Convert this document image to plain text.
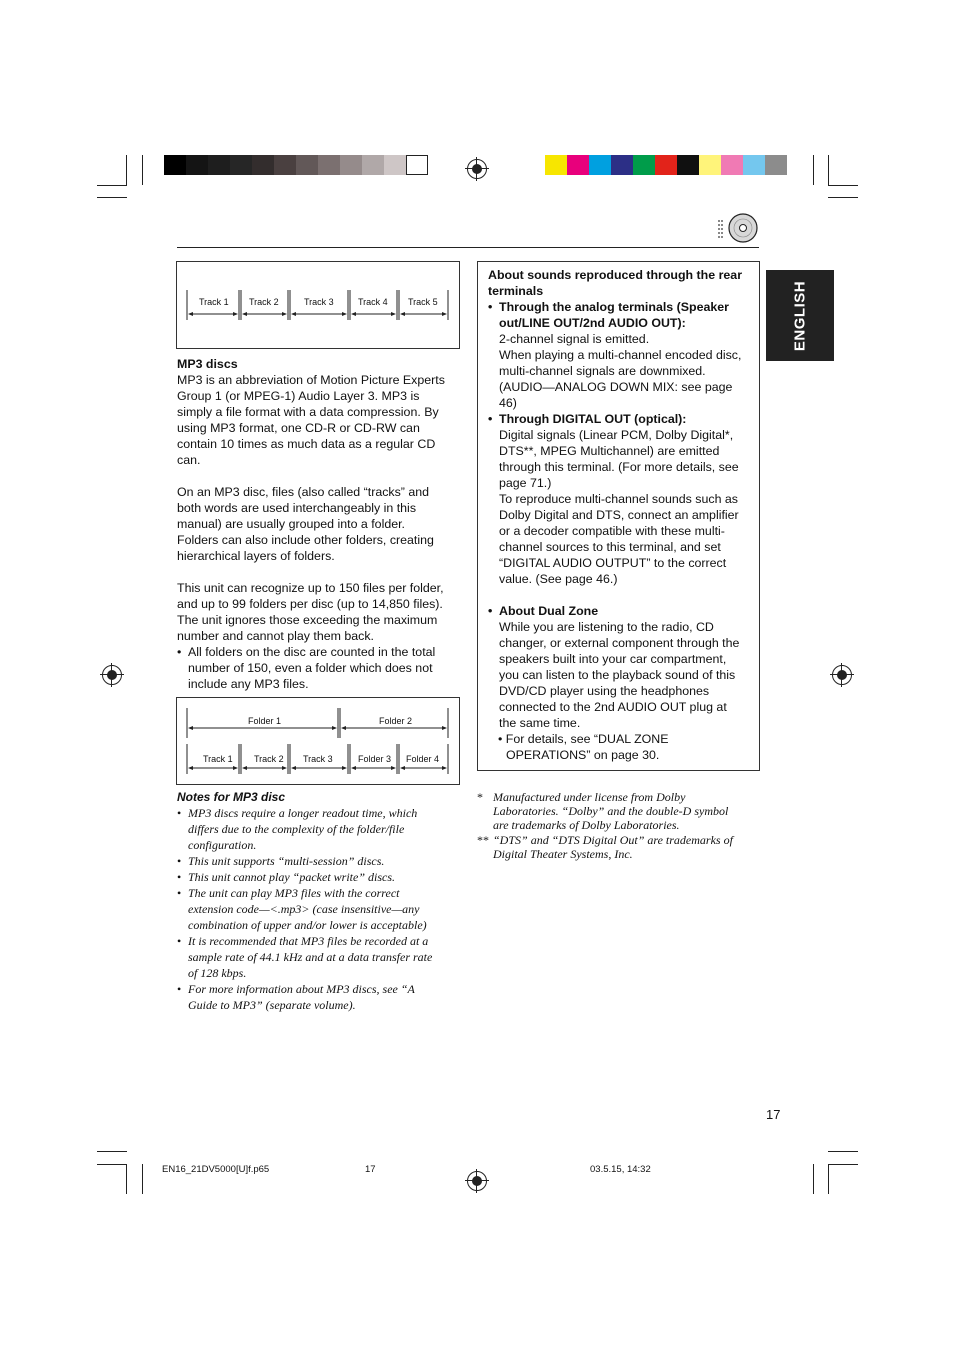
ENGLISH
Track 1 Track 2	Track 3	Track 4 Track 5

MP3 discs

MP3 is an abbreviation of Motion Picture Experts

Group 1 (or MPEG-1) Audio Layer 3. MP3 is

simply a file format with a data compression. By

using MP3 format, one CD-R or CD-RW can

contain 10 times as much data as a regular CD

can.

On an MP3 disc, files (also called “tracks” and

both words are used interchangeably in this

manual) are usually grouped into a folder.

Folders can also include other folders, creating

hierarchical layers of folders.

This unit can recognize up to 150 files per folder,

and up to 99 folders per disc (up to 14,850 files).

The unit ignores those exceeding the maximum

number and cannot play them back.

• All folders on the disc are counted in the total

number of 150, even a folder which does not

include any MP3 files.

Folder 1	Folder 2
Track 1 Track 2 Track 3	Folder 3 Folder 4

Notes for MP3 disc

• MP3 discs require a longer readout time, which

differs due to the complexity of the folder/file

configuration.

• This unit supports “multi-session” discs.

• This unit cannot play “packet write” discs.

• The unit can play MP3 files with the correct

extension code—<.mp3> (case insensitive—any

combination of upper and/or lower is acceptable)

• It is recommended that MP3 files be recorded at a

sample rate of 44.1 kHz and at a data transfer rate

of 128 kbps.

• For more information about MP3 discs, see “A

Guide to MP3” (separate volume).

About sounds reproduced through the rear

terminals

• Through the analog terminals (Speaker

out/LINE OUT/2nd AUDIO OUT):

2-channel signal is emitted.

When playing a multi-channel encoded disc,

multi-channel signals are downmixed.

(AUDIO—ANALOG DOWN MIX: see page

46)

• Through DIGITAL OUT (optical):

Digital signals (Linear PCM, Dolby Digital*,

DTS**, MPEG Multichannel) are emitted

through this terminal. (For more details, see

page 71.)

To reproduce multi-channel sounds such as

Dolby Digital and DTS, connect an amplifier

or a decoder compatible with these multi-

channel sources to this terminal, and set

“DIGITAL AUDIO OUTPUT” to the correct

value. (See page 46.)

• About Dual Zone

While you are listening to the radio, CD

changer, or external component through the

speakers built into your car compartment,

you can listen to the playback sound of this

DVD/CD player using the headphones

connected to the 2nd AUDIO OUT plug at

the same time.

• For details, see “DUAL ZONE

OPERATIONS” on page 30.

* Manufactured under license from Dolby
Laboratories. “Dolby” and the double-D symbol
are trademarks of Dolby Laboratories.
** “DTS” and “DTS Digital Out” are trademarks of
Digital Theater Systems, Inc.
17
EN16_21DV5000[U]f.p65	17	03.5.15, 14:32
